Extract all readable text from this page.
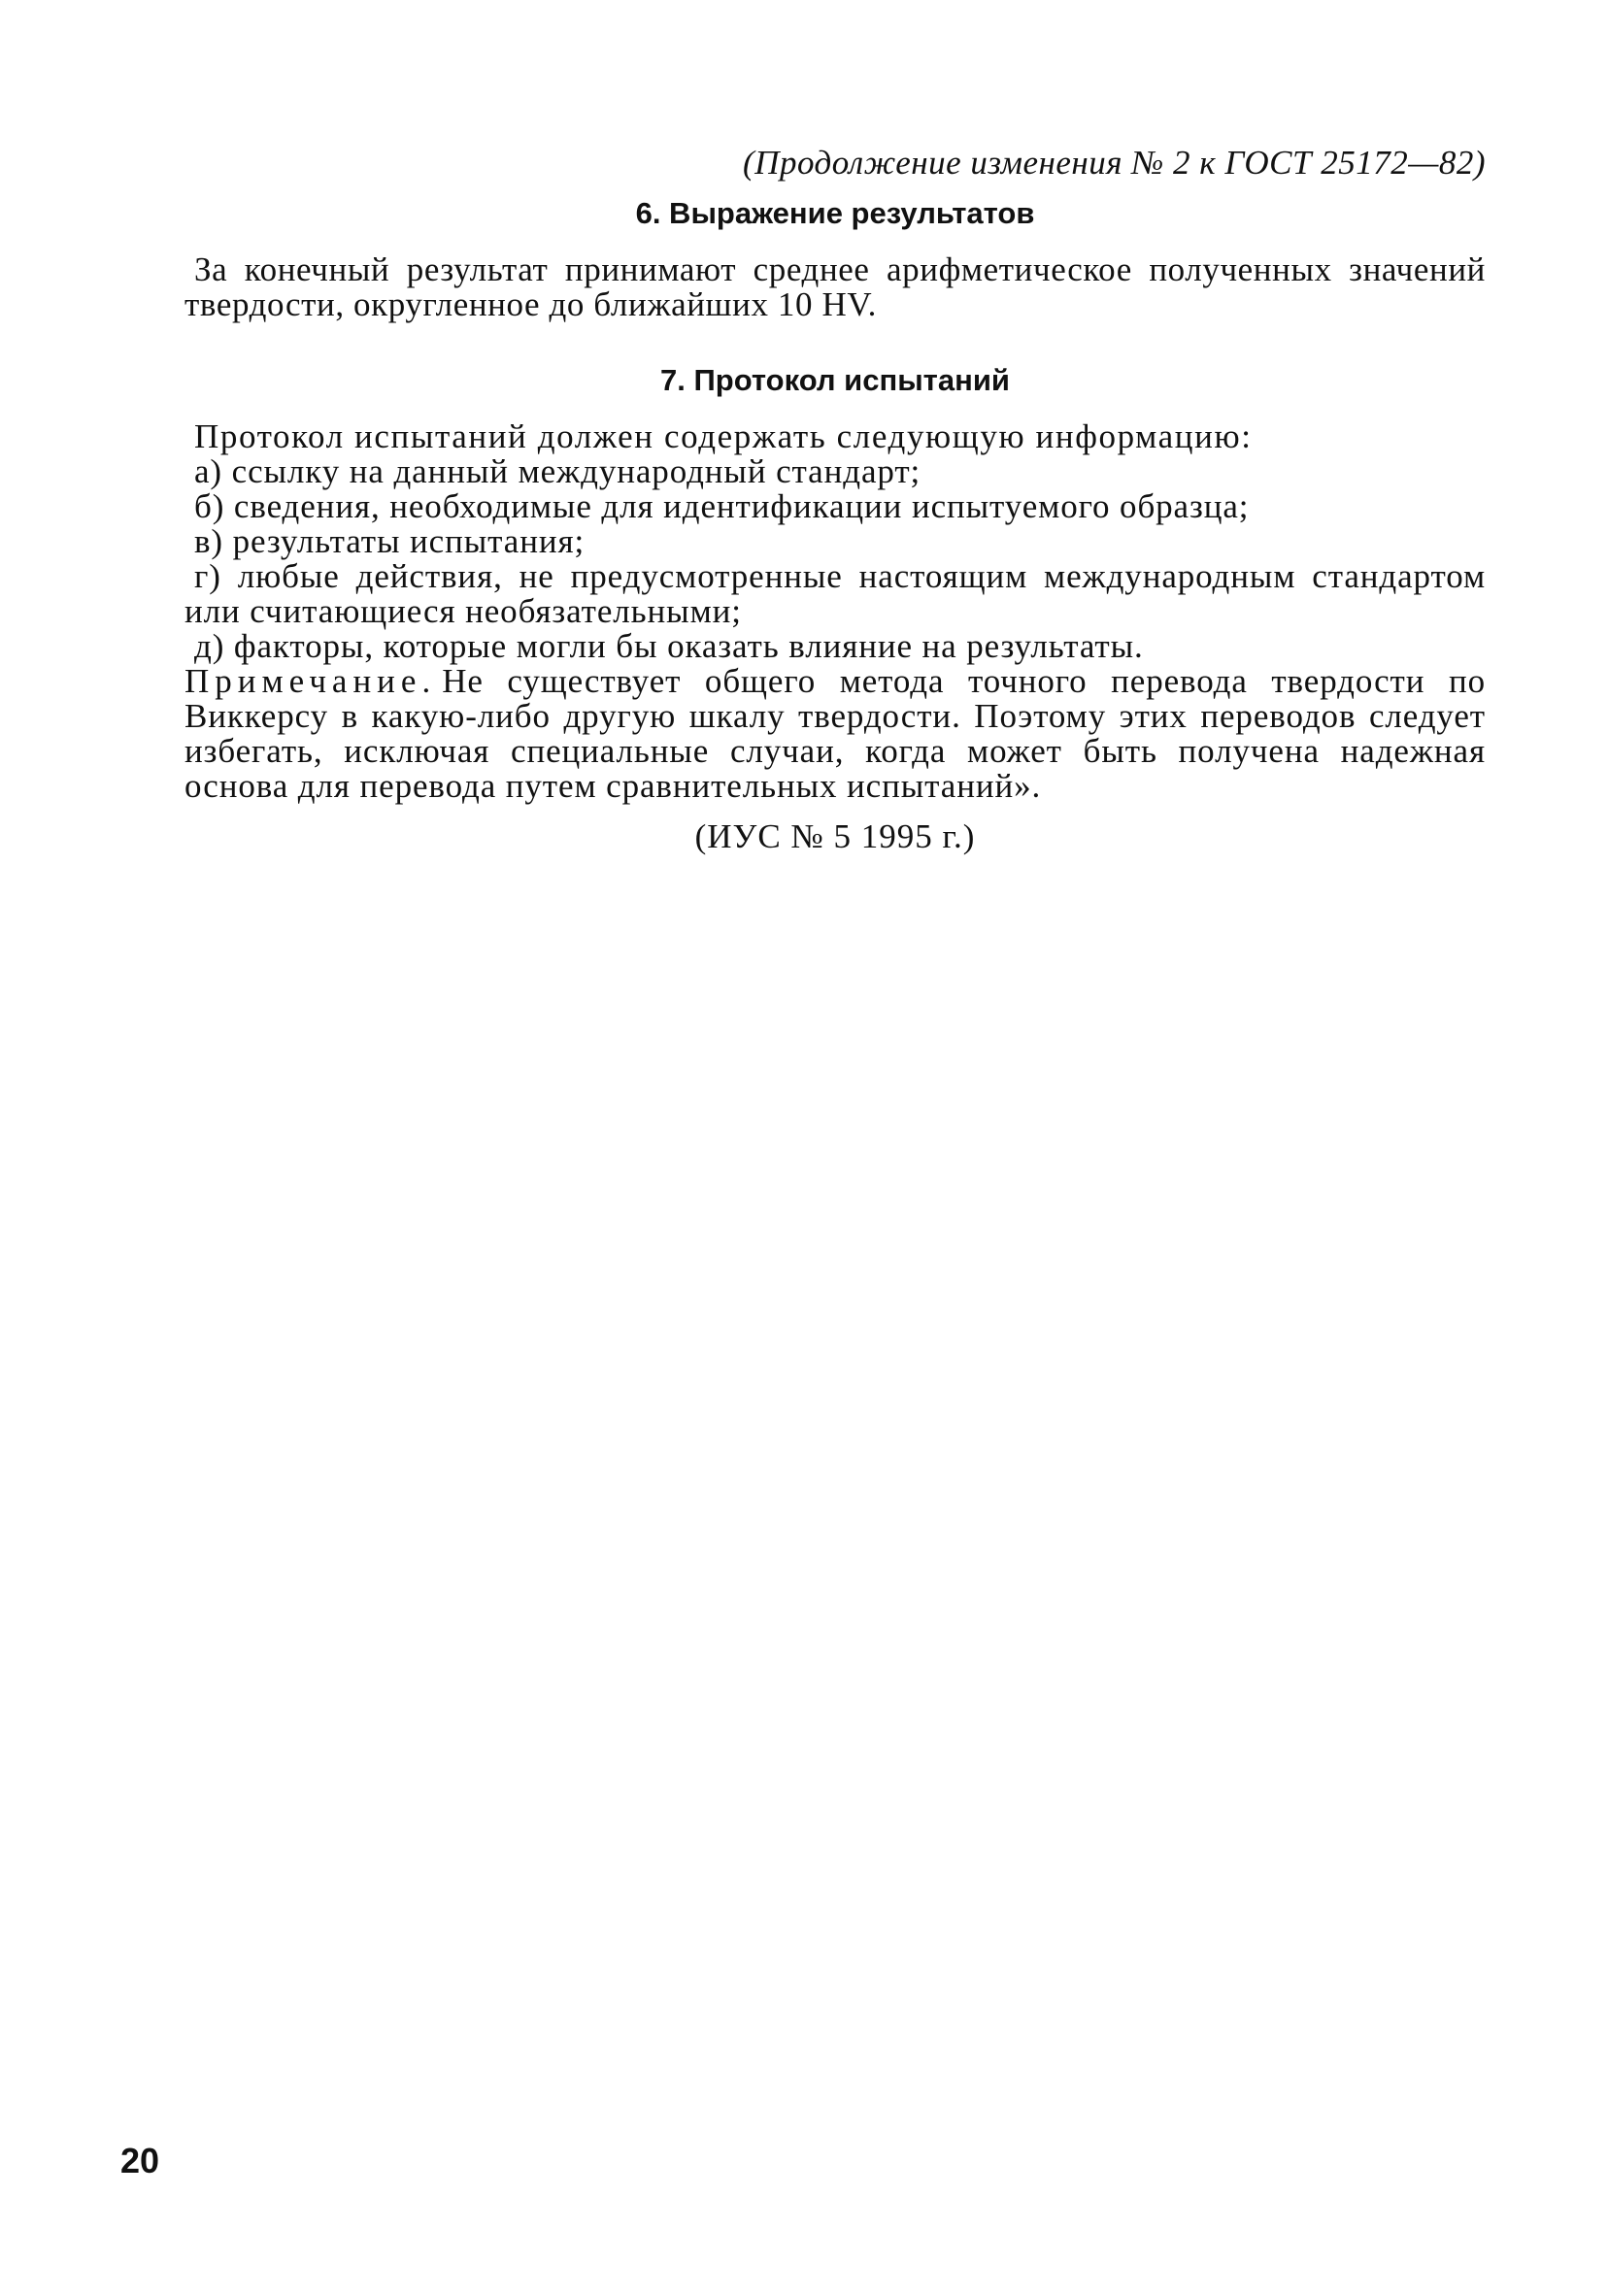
(Продолжение изменения № 2 к ГОСТ 25172—82)

6. Выражение результатов

За конечный результат принимают среднее арифметическое полученных значений твердости, округленное до ближайших 10 HV.

7. Протокол испытаний

Протокол испытаний должен содержать следующую информацию:

а) ссылку на данный международный стандарт;
б) сведения, необходимые для идентификации испытуемого образца;
в) результаты испытания;
г) любые действия, не предусмотренные настоящим международным стандартом или считающиеся необязательными;
д) факторы, которые могли бы оказать влияние на результаты.

Примечание. Не существует общего метода точного перевода твердости по Виккерсу в какую-либо другую шкалу твердости. Поэтому этих переводов следует избегать, исключая специальные случаи, когда может быть получена надежная основа для перевода путем сравнительных испытаний».

(ИУС № 5 1995 г.)

20
